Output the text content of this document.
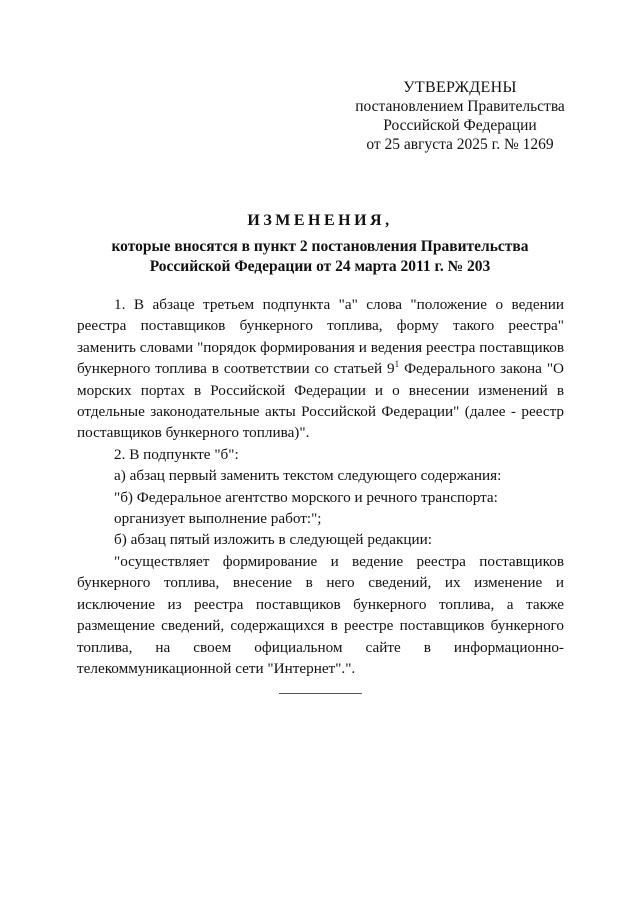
УТВЕРЖДЕНЫ
постановлением Правительства
Российской Федерации
от 25 августа 2025 г. № 1269
ИЗМЕНЕНИЯ,
которые вносятся в пункт 2 постановления Правительства
Российской Федерации от 24 марта 2011 г. № 203

1. В абзаце третьем подпункта "а" слова "положение о ведении реестра поставщиков бункерного топлива, форму такого реестра" заменить словами "порядок формирования и ведения реестра поставщиков бункерного топлива в соответствии со статьей $9^1$ Федерального закона "О морских портах в Российской Федерации и о внесении изменений в отдельные законодательные акты Российской Федерации" (далее - реестр поставщиков бункерного топлива)".

2. В подпункте "б":

а) абзац первый заменить текстом следующего содержания:

"б) Федеральное агентство морского и речного транспорта:

организует выполнение работ:";

б) абзац пятый изложить в следующей редакции:

"осуществляет формирование и ведение реестра поставщиков бункерного топлива, внесение в него сведений, их изменение и исключение из реестра поставщиков бункерного топлива, а также размещение сведений, содержащихся в реестре поставщиков бункерного топлива, на своем официальном сайте в информационно-телекоммуникационной сети "Интернет".".
